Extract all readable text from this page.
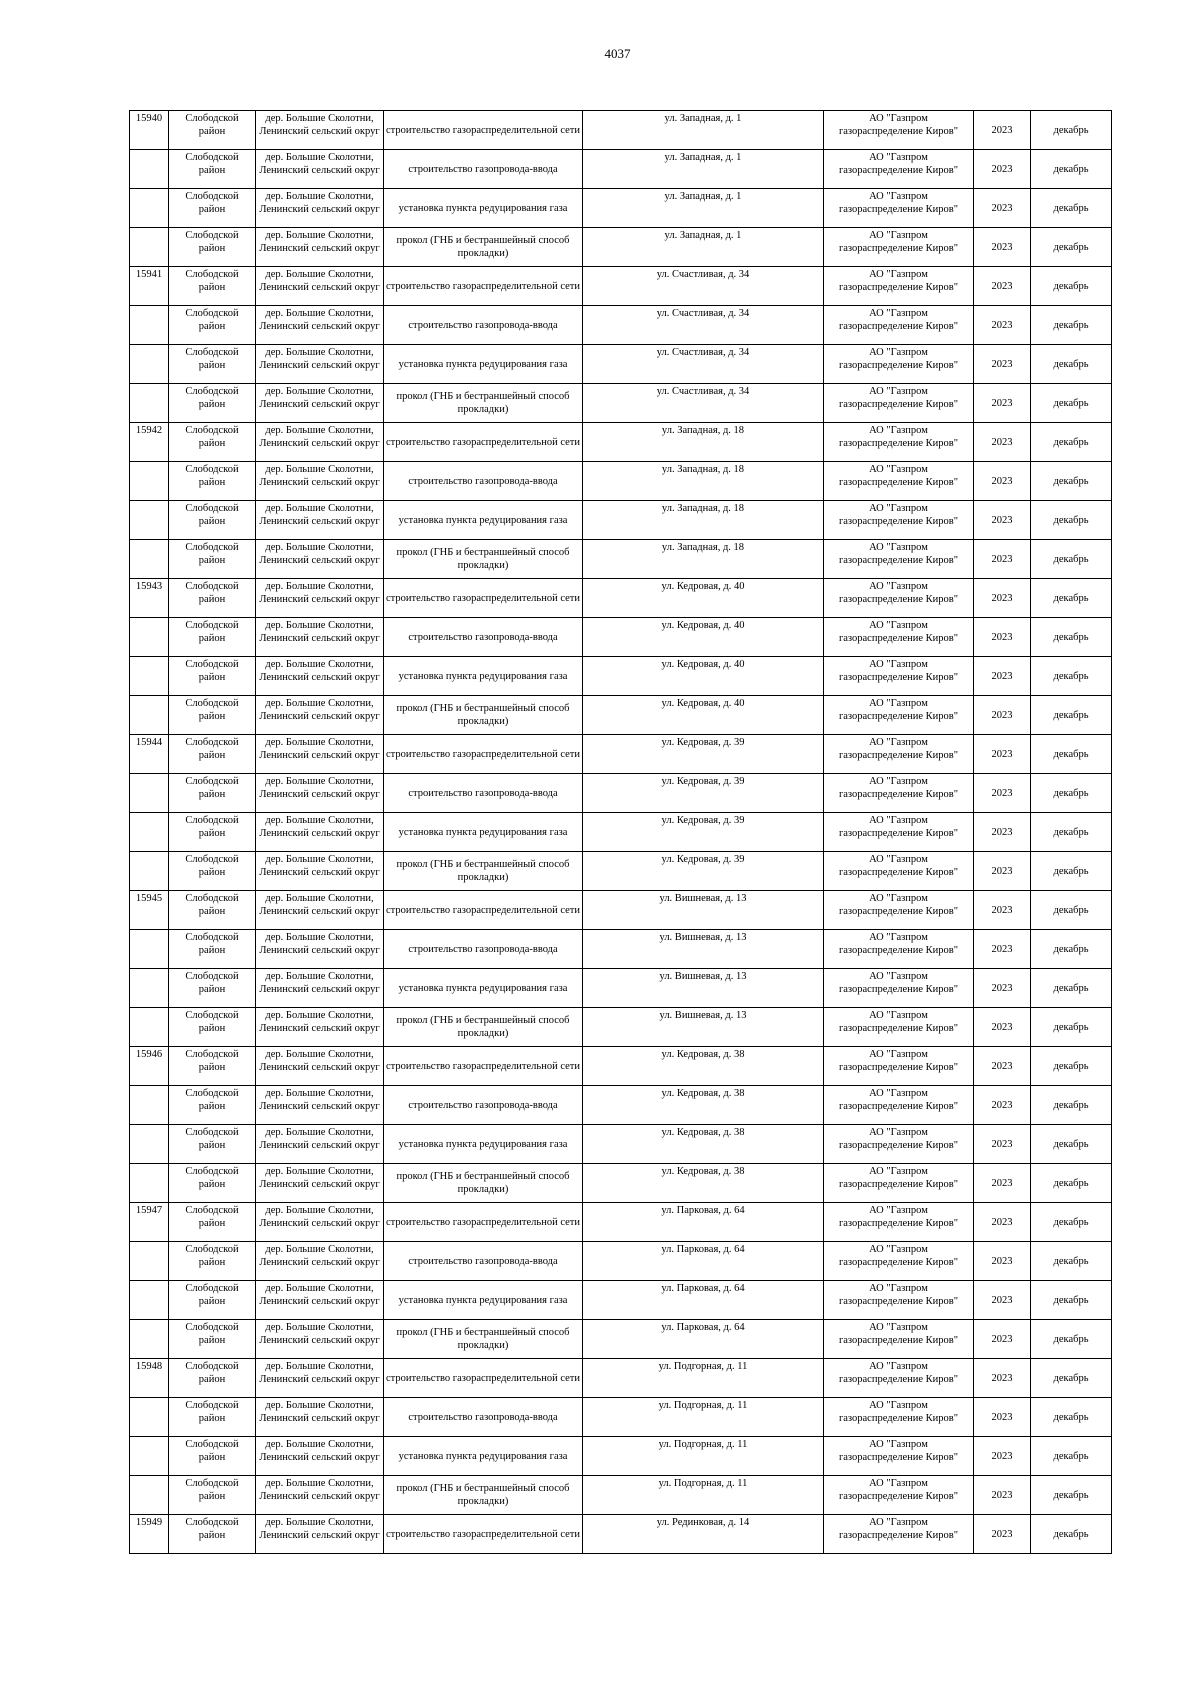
4037
15940	Слободской район	дер. Большие Сколотни, Ленинский сельский округ	строительство газораспределительной сети	ул. Западная, д. 1	АО "Газпром газораспределение Киров"	2023	декабрь
	Слободской район	дер. Большие Сколотни, Ленинский сельский округ	строительство газопровода-ввода	ул. Западная, д. 1	АО "Газпром газораспределение Киров"	2023	декабрь
	Слободской район	дер. Большие Сколотни, Ленинский сельский округ	установка пункта редуцирования газа	ул. Западная, д. 1	АО "Газпром газораспределение Киров"	2023	декабрь
	Слободской район	дер. Большие Сколотни, Ленинский сельский округ	прокол (ГНБ и бестраншейный способ прокладки)	ул. Западная, д. 1	АО "Газпром газораспределение Киров"	2023	декабрь
15941	Слободской район	дер. Большие Сколотни, Ленинский сельский округ	строительство газораспределительной сети	ул. Счастливая, д. 34	АО "Газпром газораспределение Киров"	2023	декабрь
	Слободской район	дер. Большие Сколотни, Ленинский сельский округ	строительство газопровода-ввода	ул. Счастливая, д. 34	АО "Газпром газораспределение Киров"	2023	декабрь
	Слободской район	дер. Большие Сколотни, Ленинский сельский округ	установка пункта редуцирования газа	ул. Счастливая, д. 34	АО "Газпром газораспределение Киров"	2023	декабрь
	Слободской район	дер. Большие Сколотни, Ленинский сельский округ	прокол (ГНБ и бестраншейный способ прокладки)	ул. Счастливая, д. 34	АО "Газпром газораспределение Киров"	2023	декабрь
15942	Слободской район	дер. Большие Сколотни, Ленинский сельский округ	строительство газораспределительной сети	ул. Западная, д. 18	АО "Газпром газораспределение Киров"	2023	декабрь
	Слободской район	дер. Большие Сколотни, Ленинский сельский округ	строительство газопровода-ввода	ул. Западная, д. 18	АО "Газпром газораспределение Киров"	2023	декабрь
	Слободской район	дер. Большие Сколотни, Ленинский сельский округ	установка пункта редуцирования газа	ул. Западная, д. 18	АО "Газпром газораспределение Киров"	2023	декабрь
	Слободской район	дер. Большие Сколотни, Ленинский сельский округ	прокол (ГНБ и бестраншейный способ прокладки)	ул. Западная, д. 18	АО "Газпром газораспределение Киров"	2023	декабрь
15943	Слободской район	дер. Большие Сколотни, Ленинский сельский округ	строительство газораспределительной сети	ул. Кедровая, д. 40	АО "Газпром газораспределение Киров"	2023	декабрь
	Слободской район	дер. Большие Сколотни, Ленинский сельский округ	строительство газопровода-ввода	ул. Кедровая, д. 40	АО "Газпром газораспределение Киров"	2023	декабрь
	Слободской район	дер. Большие Сколотни, Ленинский сельский округ	установка пункта редуцирования газа	ул. Кедровая, д. 40	АО "Газпром газораспределение Киров"	2023	декабрь
	Слободской район	дер. Большие Сколотни, Ленинский сельский округ	прокол (ГНБ и бестраншейный способ прокладки)	ул. Кедровая, д. 40	АО "Газпром газораспределение Киров"	2023	декабрь
15944	Слободской район	дер. Большие Сколотни, Ленинский сельский округ	строительство газораспределительной сети	ул. Кедровая, д. 39	АО "Газпром газораспределение Киров"	2023	декабрь
	Слободской район	дер. Большие Сколотни, Ленинский сельский округ	строительство газопровода-ввода	ул. Кедровая, д. 39	АО "Газпром газораспределение Киров"	2023	декабрь
	Слободской район	дер. Большие Сколотни, Ленинский сельский округ	установка пункта редуцирования газа	ул. Кедровая, д. 39	АО "Газпром газораспределение Киров"	2023	декабрь
	Слободской район	дер. Большие Сколотни, Ленинский сельский округ	прокол (ГНБ и бестраншейный способ прокладки)	ул. Кедровая, д. 39	АО "Газпром газораспределение Киров"	2023	декабрь
15945	Слободской район	дер. Большие Сколотни, Ленинский сельский округ	строительство газораспределительной сети	ул. Вишневая, д. 13	АО "Газпром газораспределение Киров"	2023	декабрь
	Слободской район	дер. Большие Сколотни, Ленинский сельский округ	строительство газопровода-ввода	ул. Вишневая, д. 13	АО "Газпром газораспределение Киров"	2023	декабрь
	Слободской район	дер. Большие Сколотни, Ленинский сельский округ	установка пункта редуцирования газа	ул. Вишневая, д. 13	АО "Газпром газораспределение Киров"	2023	декабрь
	Слободской район	дер. Большие Сколотни, Ленинский сельский округ	прокол (ГНБ и бестраншейный способ прокладки)	ул. Вишневая, д. 13	АО "Газпром газораспределение Киров"	2023	декабрь
15946	Слободской район	дер. Большие Сколотни, Ленинский сельский округ	строительство газораспределительной сети	ул. Кедровая, д. 38	АО "Газпром газораспределение Киров"	2023	декабрь
	Слободской район	дер. Большие Сколотни, Ленинский сельский округ	строительство газопровода-ввода	ул. Кедровая, д. 38	АО "Газпром газораспределение Киров"	2023	декабрь
	Слободской район	дер. Большие Сколотни, Ленинский сельский округ	установка пункта редуцирования газа	ул. Кедровая, д. 38	АО "Газпром газораспределение Киров"	2023	декабрь
	Слободской район	дер. Большие Сколотни, Ленинский сельский округ	прокол (ГНБ и бестраншейный способ прокладки)	ул. Кедровая, д. 38	АО "Газпром газораспределение Киров"	2023	декабрь
15947	Слободской район	дер. Большие Сколотни, Ленинский сельский округ	строительство газораспределительной сети	ул. Парковая, д. 64	АО "Газпром газораспределение Киров"	2023	декабрь
	Слободской район	дер. Большие Сколотни, Ленинский сельский округ	строительство газопровода-ввода	ул. Парковая, д. 64	АО "Газпром газораспределение Киров"	2023	декабрь
	Слободской район	дер. Большие Сколотни, Ленинский сельский округ	установка пункта редуцирования газа	ул. Парковая, д. 64	АО "Газпром газораспределение Киров"	2023	декабрь
	Слободской район	дер. Большие Сколотни, Ленинский сельский округ	прокол (ГНБ и бестраншейный способ прокладки)	ул. Парковая, д. 64	АО "Газпром газораспределение Киров"	2023	декабрь
15948	Слободской район	дер. Большие Сколотни, Ленинский сельский округ	строительство газораспределительной сети	ул. Подгорная, д. 11	АО "Газпром газораспределение Киров"	2023	декабрь
	Слободской район	дер. Большие Сколотни, Ленинский сельский округ	строительство газопровода-ввода	ул. Подгорная, д. 11	АО "Газпром газораспределение Киров"	2023	декабрь
	Слободской район	дер. Большие Сколотни, Ленинский сельский округ	установка пункта редуцирования газа	ул. Подгорная, д. 11	АО "Газпром газораспределение Киров"	2023	декабрь
	Слободской район	дер. Большие Сколотни, Ленинский сельский округ	прокол (ГНБ и бестраншейный способ прокладки)	ул. Подгорная, д. 11	АО "Газпром газораспределение Киров"	2023	декабрь
15949	Слободской район	дер. Большие Сколотни, Ленинский сельский округ	строительство газораспределительной сети	ул. Рединковая, д. 14	АО "Газпром газораспределение Киров"	2023	декабрь
